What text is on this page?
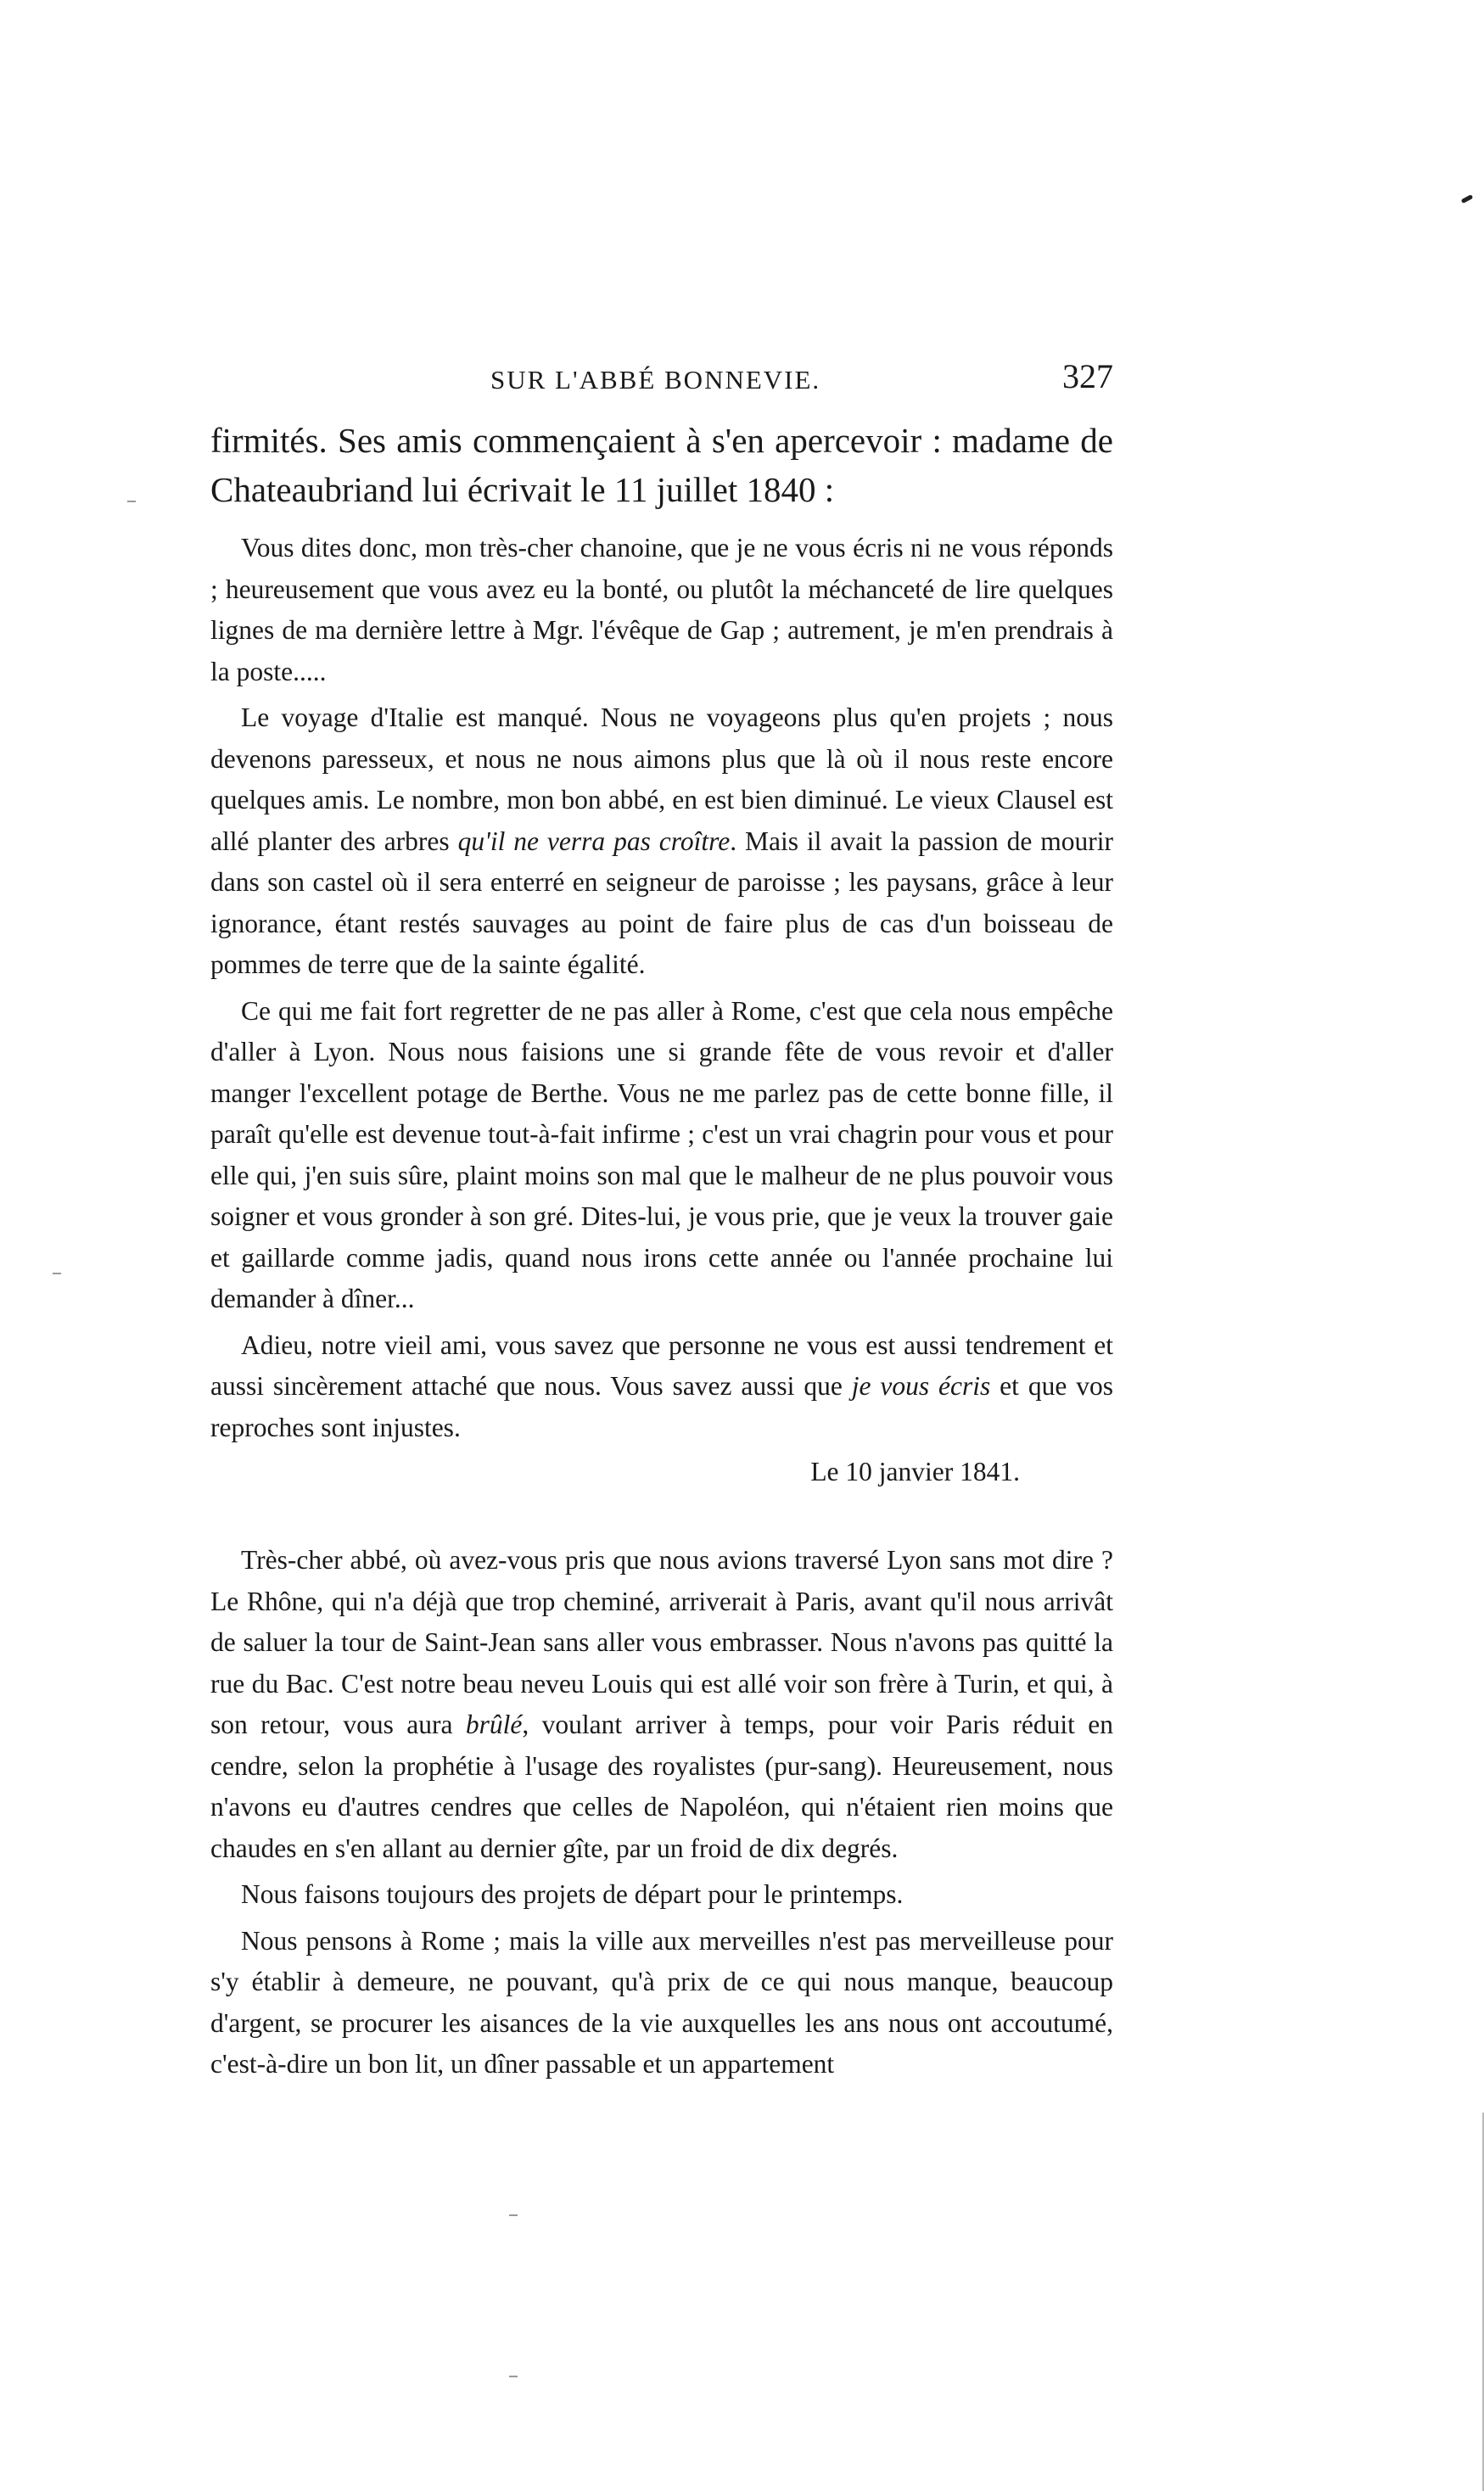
SUR L'ABBÉ BONNEVIE.	327

firmités. Ses amis commençaient à s'en apercevoir : madame de Chateaubriand lui écrivait le 11 juillet 1840 :

Vous dites donc, mon très-cher chanoine, que je ne vous écris ni ne vous réponds ; heureusement que vous avez eu la bonté, ou plutôt la méchanceté de lire quelques lignes de ma dernière lettre à Mgr. l'évêque de Gap ; autrement, je m'en prendrais à la poste.....

Le voyage d'Italie est manqué. Nous ne voyageons plus qu'en projets ; nous devenons paresseux, et nous ne nous aimons plus que là où il nous reste encore quelques amis. Le nombre, mon bon abbé, en est bien diminué. Le vieux Clausel est allé planter des arbres qu'il ne verra pas croître. Mais il avait la passion de mourir dans son castel où il sera enterré en seigneur de paroisse ; les paysans, grâce à leur ignorance, étant restés sauvages au point de faire plus de cas d'un boisseau de pommes de terre que de la sainte égalité.

Ce qui me fait fort regretter de ne pas aller à Rome, c'est que cela nous empêche d'aller à Lyon. Nous nous faisions une si grande fête de vous revoir et d'aller manger l'excellent potage de Berthe. Vous ne me parlez pas de cette bonne fille, il paraît qu'elle est devenue tout-à-fait infirme ; c'est un vrai chagrin pour vous et pour elle qui, j'en suis sûre, plaint moins son mal que le malheur de ne plus pouvoir vous soigner et vous gronder à son gré. Dites-lui, je vous prie, que je veux la trouver gaie et gaillarde comme jadis, quand nous irons cette année ou l'année prochaine lui demander à dîner...

Adieu, notre vieil ami, vous savez que personne ne vous est aussi tendrement et aussi sincèrement attaché que nous. Vous savez aussi que je vous écris et que vos reproches sont injustes.

Le 10 janvier 1841.

Très-cher abbé, où avez-vous pris que nous avions traversé Lyon sans mot dire ? Le Rhône, qui n'a déjà que trop cheminé, arriverait à Paris, avant qu'il nous arrivât de saluer la tour de Saint-Jean sans aller vous embrasser. Nous n'avons pas quitté la rue du Bac. C'est notre beau neveu Louis qui est allé voir son frère à Turin, et qui, à son retour, vous aura brûlé, voulant arriver à temps, pour voir Paris réduit en cendre, selon la prophétie à l'usage des royalistes (pur-sang). Heureusement, nous n'avons eu d'autres cendres que celles de Napoléon, qui n'étaient rien moins que chaudes en s'en allant au dernier gîte, par un froid de dix degrés.

Nous faisons toujours des projets de départ pour le printemps.

Nous pensons à Rome ; mais la ville aux merveilles n'est pas merveilleuse pour s'y établir à demeure, ne pouvant, qu'à prix de ce qui nous manque, beaucoup d'argent, se procurer les aisances de la vie auxquelles les ans nous ont accoutumé, c'est-à-dire un bon lit, un dîner passable et un appartement
